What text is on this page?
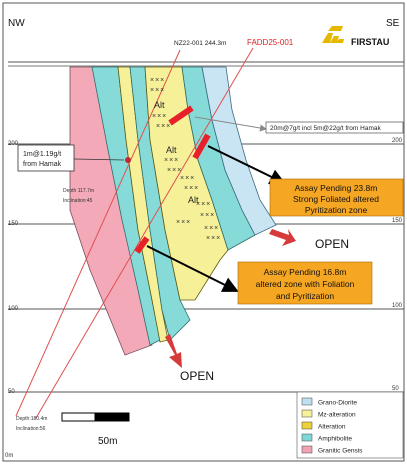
×××
×××
×××
×××
×××
×××
×××
×××
×××
×××
×××
×××
×××
Alt
Alt
Alt
20m@7g/t incl 5m@22g/t from Hamak
1m@1.19g/t
from Hamak
Depth 117.7m
Inclination:45
Assay Pending 23.8m
Strong Foliated altered
Pyritization zone
Assay Pending 16.8m
altered zone with Foliation
and Pyritization
OPEN
OPEN
NW	SE
NZ22-001 244.3m	FADD25-001	FIRSTAU
200
150
100
50
200
150
100
50
0m
Depth:180.4m
Inclination:56
50m
Grano-Diorite
Mz-alteration
Alteration
Amphibolite
Granitic Gensis
